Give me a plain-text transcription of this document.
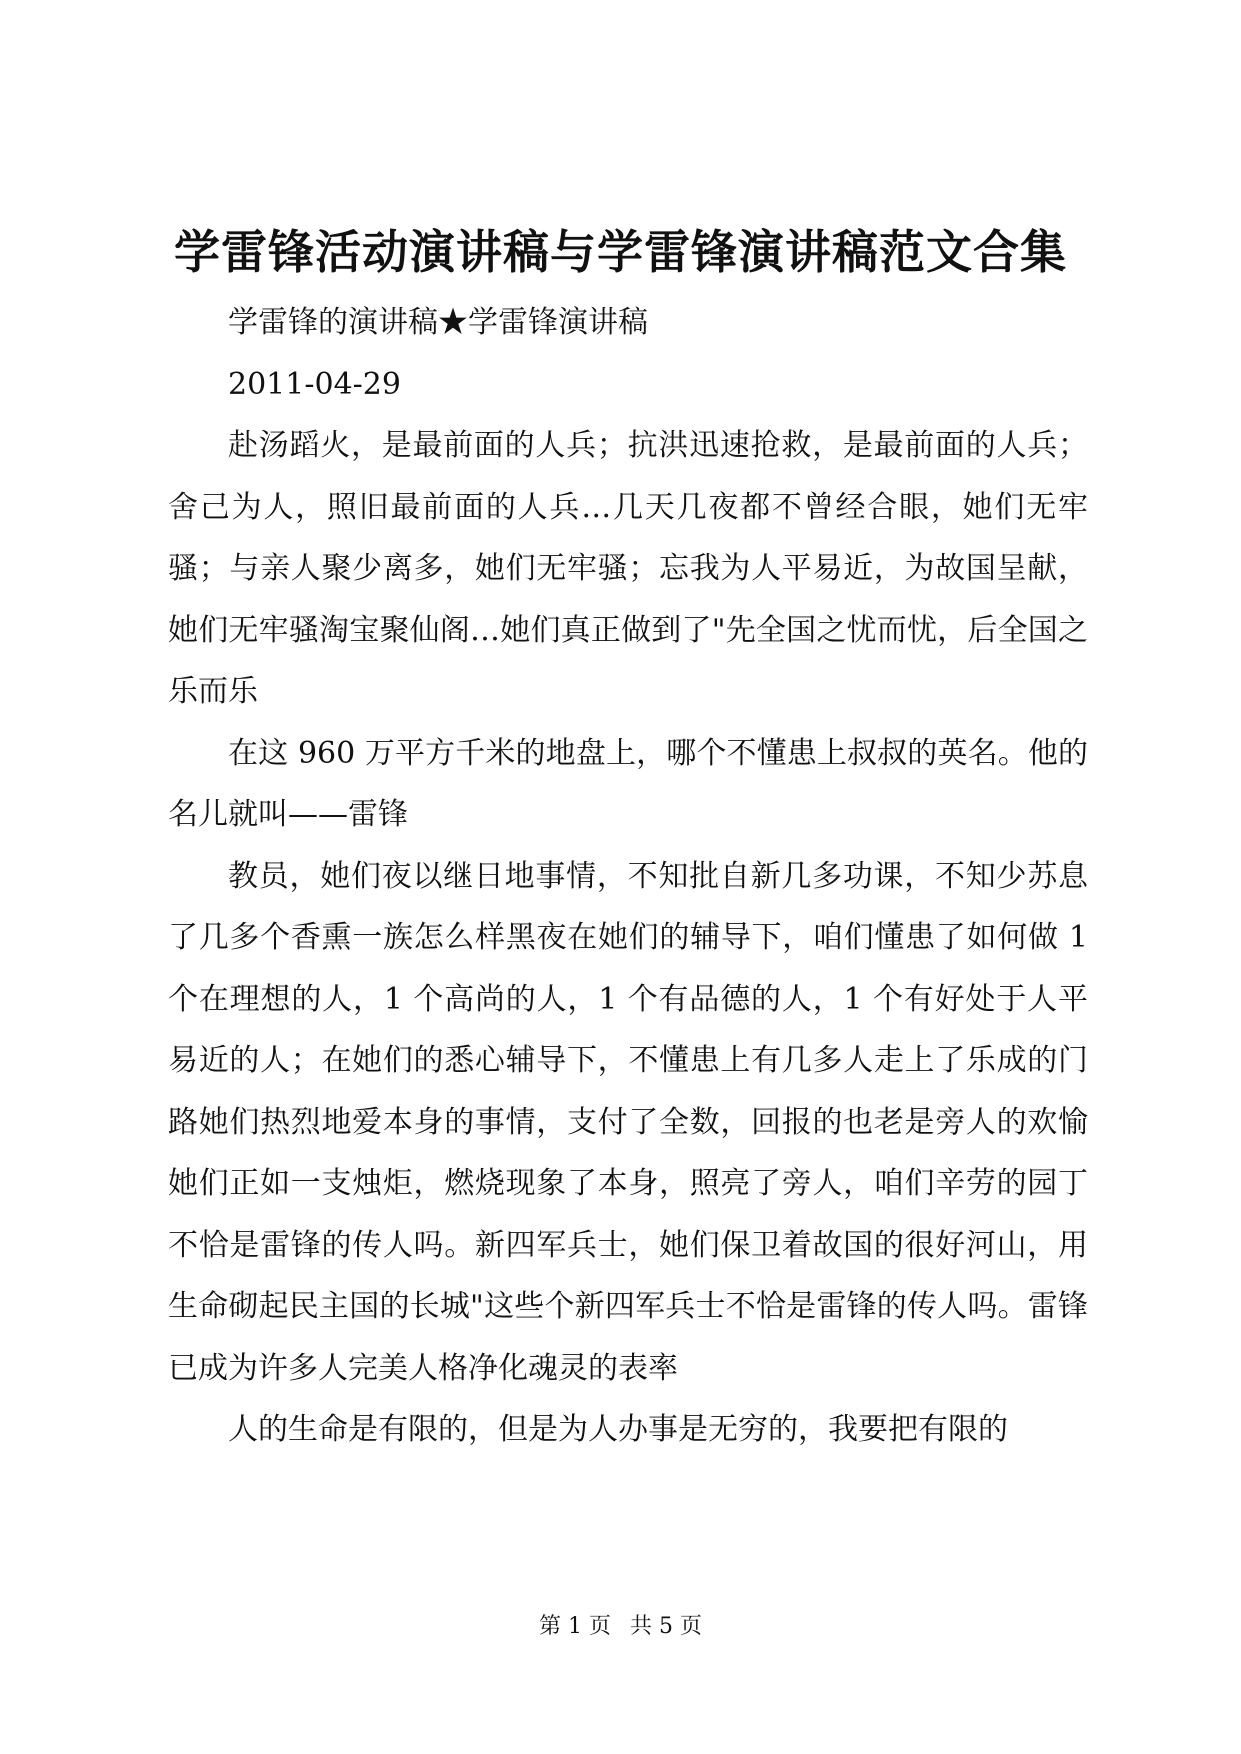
学雷锋活动演讲稿与学雷锋演讲稿范文合集

学雷锋的演讲稿★学雷锋演讲稿

2011-04-29

赴汤蹈火，是最前面的人兵；抗洪迅速抢救，是最前面的人兵；舍己为人，照旧最前面的人兵…几天几夜都不曾经合眼，她们无牢骚；与亲人聚少离多，她们无牢骚；忘我为人平易近，为故国呈献，她们无牢骚淘宝聚仙阁…她们真正做到了"先全国之忧而忧，后全国之乐而乐

在这 960 万平方千米的地盘上，哪个不懂患上叔叔的英名。他的名儿就叫——雷锋

教员，她们夜以继日地事情，不知批自新几多功课，不知少苏息了几多个香熏一族怎么样黑夜在她们的辅导下，咱们懂患了如何做 1 个在理想的人，1 个高尚的人，1 个有品德的人，1 个有好处于人平易近的人；在她们的悉心辅导下，不懂患上有几多人走上了乐成的门路她们热烈地爱本身的事情，支付了全数，回报的也老是旁人的欢愉她们正如一支烛炬，燃烧现象了本身，照亮了旁人，咱们辛劳的园丁不恰是雷锋的传人吗。新四军兵士，她们保卫着故国的很好河山，用生命砌起民主国的长城"这些个新四军兵士不恰是雷锋的传人吗。雷锋已成为许多人完美人格净化魂灵的表率

人的生命是有限的，但是为人办事是无穷的，我要把有限的

第 1 页 共 5 页
